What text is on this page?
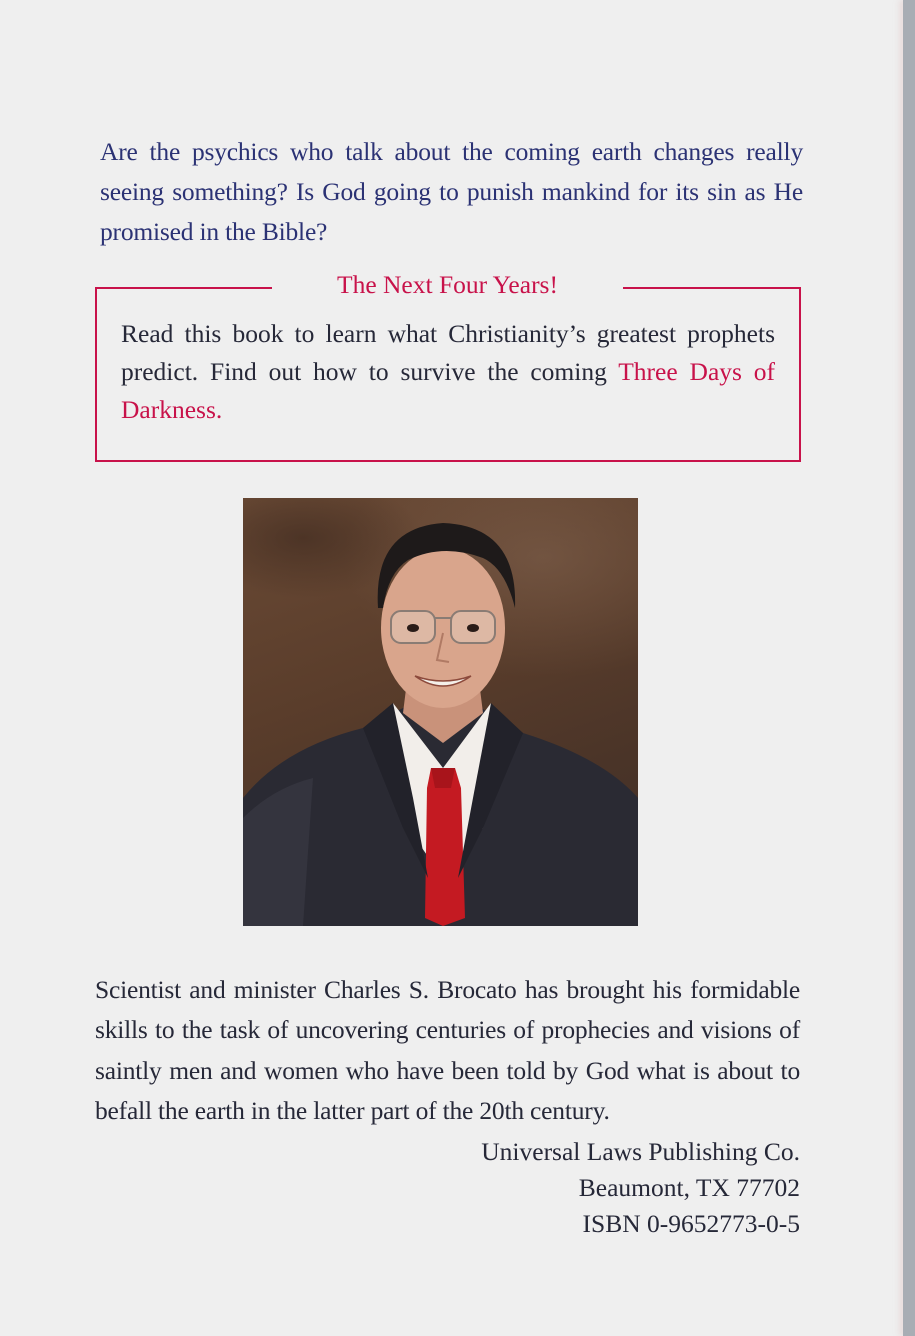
Are the psychics who talk about the coming earth changes really seeing something? Is God going to punish mankind for its sin as He promised in the Bible?

The Next Four Years!
Read this book to learn what Christianity’s greatest prophets predict. Find out how to survive the coming Three Days of Darkness.

Scientist and minister Charles S. Brocato has brought his formidable skills to the task of uncovering centuries of prophecies and visions of saintly men and women who have been told by God what is about to befall the earth in the latter part of the 20th century.

Universal Laws Publishing Co.
Beaumont, TX 77702
ISBN 0-9652773-0-5
